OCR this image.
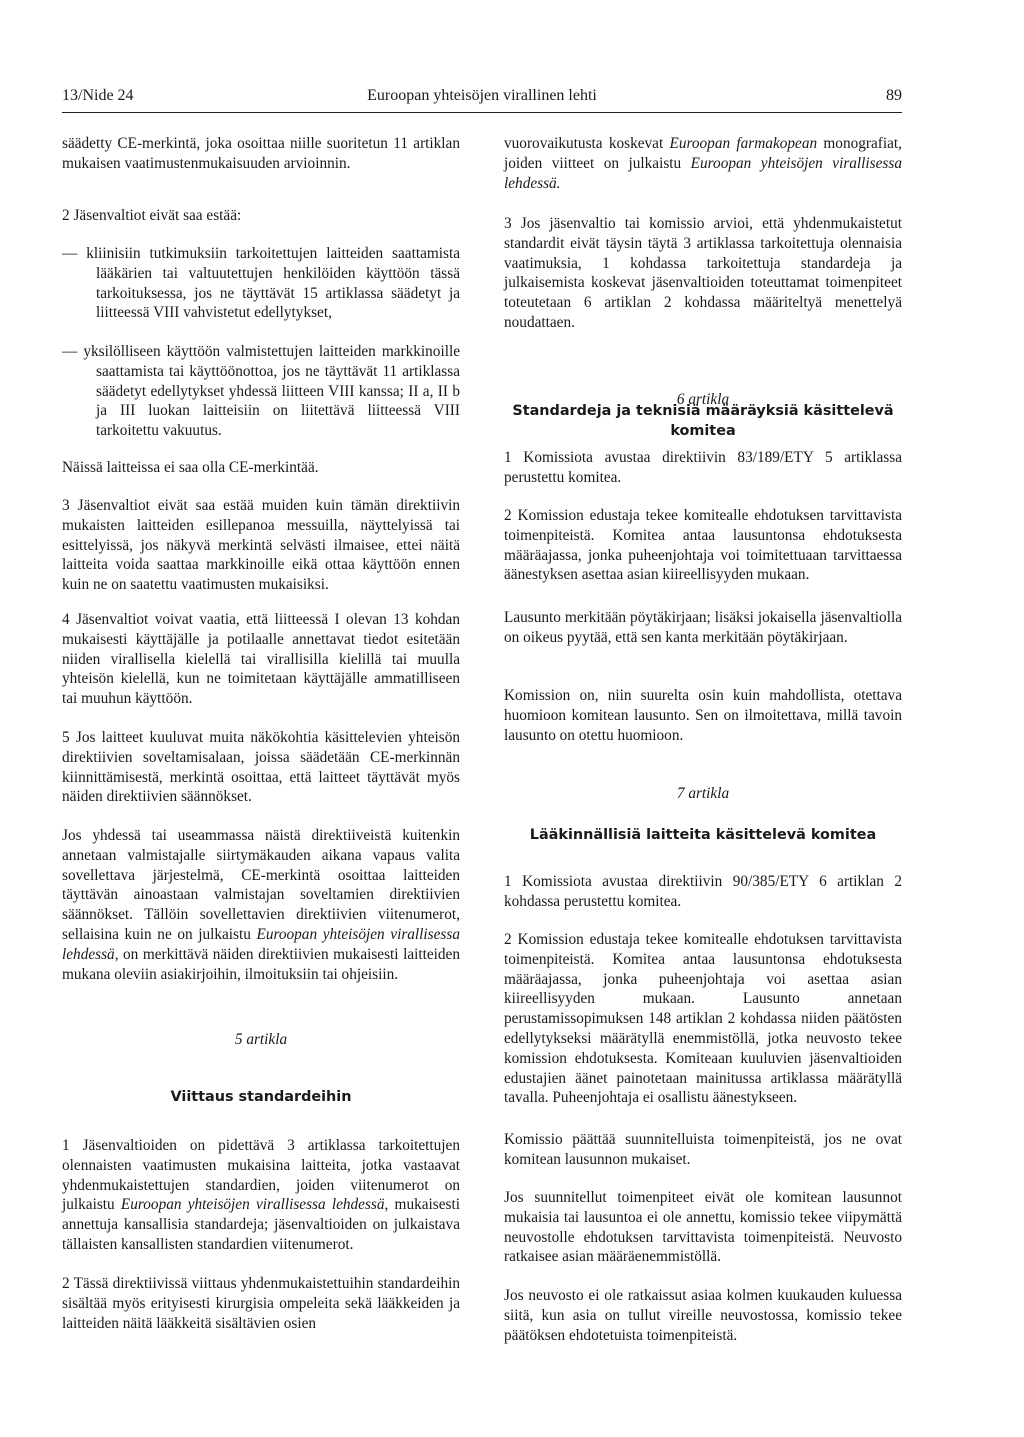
13/Nide 24	Euroopan yhteisöjen virallinen lehti	89

säädetty CE-merkintä, joka osoittaa niille suoritetun 11 artiklan mukaisen vaatimustenmukaisuuden arvioinnin.

2 Jäsenvaltiot eivät saa estää:

— kliinisiin tutkimuksiin tarkoitettujen laitteiden saattamista lääkärien tai valtuutettujen henkilöiden käyttöön tässä tarkoituksessa, jos ne täyttävät 15 artiklassa säädetyt ja liitteessä VIII vahvistetut edellytykset,

— yksilölliseen käyttöön valmistettujen laitteiden markkinoille saattamista tai käyttöönottoa, jos ne täyttävät 11 artiklassa säädetyt edellytykset yhdessä liitteen VIII kanssa; II a, II b ja III luokan laitteisiin on liitettävä liitteessä VIII tarkoitettu vakuutus.

Näissä laitteissa ei saa olla CE-merkintää.

3 Jäsenvaltiot eivät saa estää muiden kuin tämän direktiivin mukaisten laitteiden esillepanoa messuilla, näyttelyissä tai esittelyissä, jos näkyvä merkintä selvästi ilmaisee, ettei näitä laitteita voida saattaa markkinoille eikä ottaa käyttöön ennen kuin ne on saatettu vaatimusten mukaisiksi.

4 Jäsenvaltiot voivat vaatia, että liitteessä I olevan 13 kohdan mukaisesti käyttäjälle ja potilaalle annettavat tiedot esitetään niiden virallisella kielellä tai virallisilla kielillä tai muulla yhteisön kielellä, kun ne toimitetaan käyttäjälle ammatilliseen tai muuhun käyttöön.

5 Jos laitteet kuuluvat muita näkökohtia käsittelevien yhteisön direktiivien soveltamisalaan, joissa säädetään CE-merkinnän kiinnittämisestä, merkintä osoittaa, että laitteet täyttävät myös näiden direktiivien säännökset.

Jos yhdessä tai useammassa näistä direktiiveistä kuitenkin annetaan valmistajalle siirtymäkauden aikana vapaus valita sovellettava järjestelmä, CE-merkintä osoittaa laitteiden täyttävän ainoastaan valmistajan soveltamien direktiivien säännökset. Tällöin sovellettavien direktiivien viitenumerot, sellaisina kuin ne on julkaistu Euroopan yhteisöjen virallisessa lehdessä, on merkittävä näiden direktiivien mukaisesti laitteiden mukana oleviin asiakirjoihin, ilmoituksiin tai ohjeisiin.

5 artikla

Viittaus standardeihin

1 Jäsenvaltioiden on pidettävä 3 artiklassa tarkoitettujen olennaisten vaatimusten mukaisina laitteita, jotka vastaavat yhdenmukaistettujen standardien, joiden viitenumerot on julkaistu Euroopan yhteisöjen virallisessa lehdessä, mukaisesti annettuja kansallisia standardeja; jäsenvaltioiden on julkaistava tällaisten kansallisten standardien viitenumerot.

2 Tässä direktiivissä viittaus yhdenmukaistettuihin standardeihin sisältää myös erityisesti kirurgisia ompeleita sekä lääkkeiden ja laitteiden näitä lääkkeitä sisältävien osien

vuorovaikutusta koskevat Euroopan farmakopean monografiat, joiden viitteet on julkaistu Euroopan yhteisöjen virallisessa lehdessä.

3 Jos jäsenvaltio tai komissio arvioi, että yhdenmukaistetut standardit eivät täysin täytä 3 artiklassa tarkoitettuja olennaisia vaatimuksia, 1 kohdassa tarkoitettuja standardeja ja julkaisemista koskevat jäsenvaltioiden toteuttamat toimenpiteet toteutetaan 6 artiklan 2 kohdassa määriteltyä menettelyä noudattaen.

6 artikla

Standardeja ja teknisiä määräyksiä käsittelevä komitea

1 Komissiota avustaa direktiivin 83/189/ETY 5 artiklassa perustettu komitea.

2 Komission edustaja tekee komitealle ehdotuksen tarvittavista toimenpiteistä. Komitea antaa lausuntonsa ehdotuksesta määräajassa, jonka puheenjohtaja voi toimitettuaan tarvittaessa äänestyksen asettaa asian kiireellisyyden mukaan.

Lausunto merkitään pöytäkirjaan; lisäksi jokaisella jäsenvaltiolla on oikeus pyytää, että sen kanta merkitään pöytäkirjaan.

Komission on, niin suurelta osin kuin mahdollista, otettava huomioon komitean lausunto. Sen on ilmoitettava, millä tavoin lausunto on otettu huomioon.

7 artikla

Lääkinnällisiä laitteita käsittelevä komitea

1 Komissiota avustaa direktiivin 90/385/ETY 6 artiklan 2 kohdassa perustettu komitea.

2 Komission edustaja tekee komitealle ehdotuksen tarvittavista toimenpiteistä. Komitea antaa lausuntonsa ehdotuksesta määräajassa, jonka puheenjohtaja voi asettaa asian kiireellisyyden mukaan. Lausunto annetaan perustamissopimuksen 148 artiklan 2 kohdassa niiden päätösten edellytykseksi määrätyllä enemmistöllä, jotka neuvosto tekee komission ehdotuksesta. Komiteaan kuuluvien jäsenvaltioiden edustajien äänet painotetaan mainitussa artiklassa määrätyllä tavalla. Puheenjohtaja ei osallistu äänestykseen.

Komissio päättää suunnitelluista toimenpiteistä, jos ne ovat komitean lausunnon mukaiset.

Jos suunnitellut toimenpiteet eivät ole komitean lausunnot mukaisia tai lausuntoa ei ole annettu, komissio tekee viipymättä neuvostolle ehdotuksen tarvittavista toimenpiteistä. Neuvosto ratkaisee asian määräenemmistöllä.

Jos neuvosto ei ole ratkaissut asiaa kolmen kuukauden kuluessa siitä, kun asia on tullut vireille neuvostossa, komissio tekee päätöksen ehdotetuista toimenpiteistä.
